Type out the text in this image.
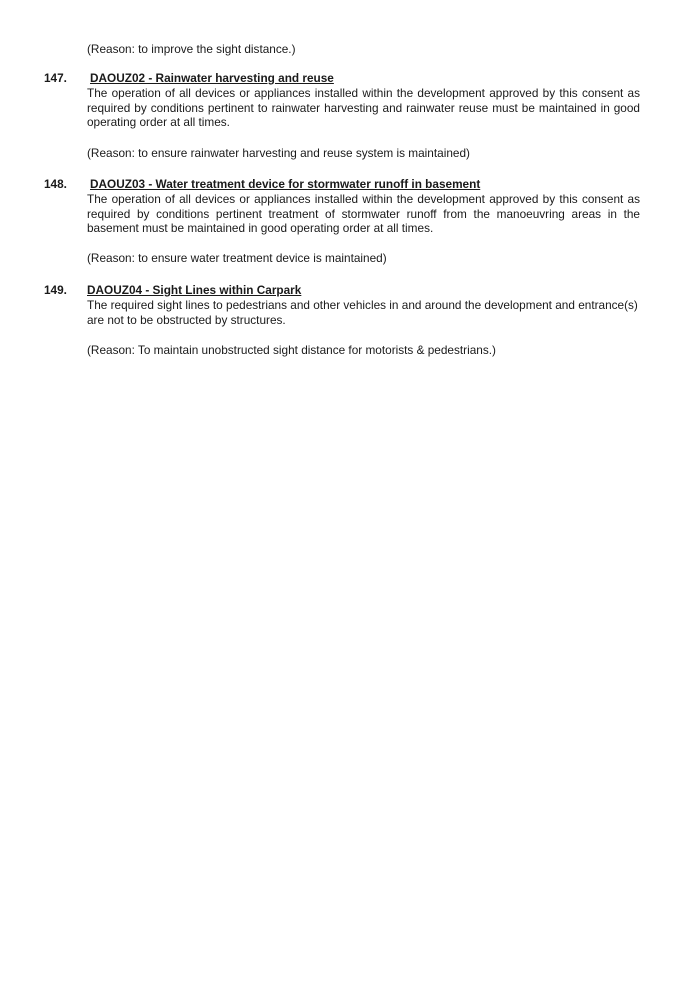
(Reason: to improve the sight distance.)

147. DAOUZ02 - Rainwater harvesting and reuse

The operation of all devices or appliances installed within the development approved by this consent as required by conditions pertinent to rainwater harvesting and rainwater reuse must be maintained in good operating order at all times.

(Reason: to ensure rainwater harvesting and reuse system is maintained)

148. DAOUZ03 - Water treatment device for stormwater runoff in basement

The operation of all devices or appliances installed within the development approved by this consent as required by conditions pertinent treatment of stormwater runoff from the manoeuvring areas in the basement must be maintained in good operating order at all times.

(Reason: to ensure water treatment device is maintained)

149. DAOUZ04 - Sight Lines within Carpark

The required sight lines to pedestrians and other vehicles in and around the development and entrance(s) are not to be obstructed by structures.

(Reason: To maintain unobstructed sight distance for motorists & pedestrians.)
